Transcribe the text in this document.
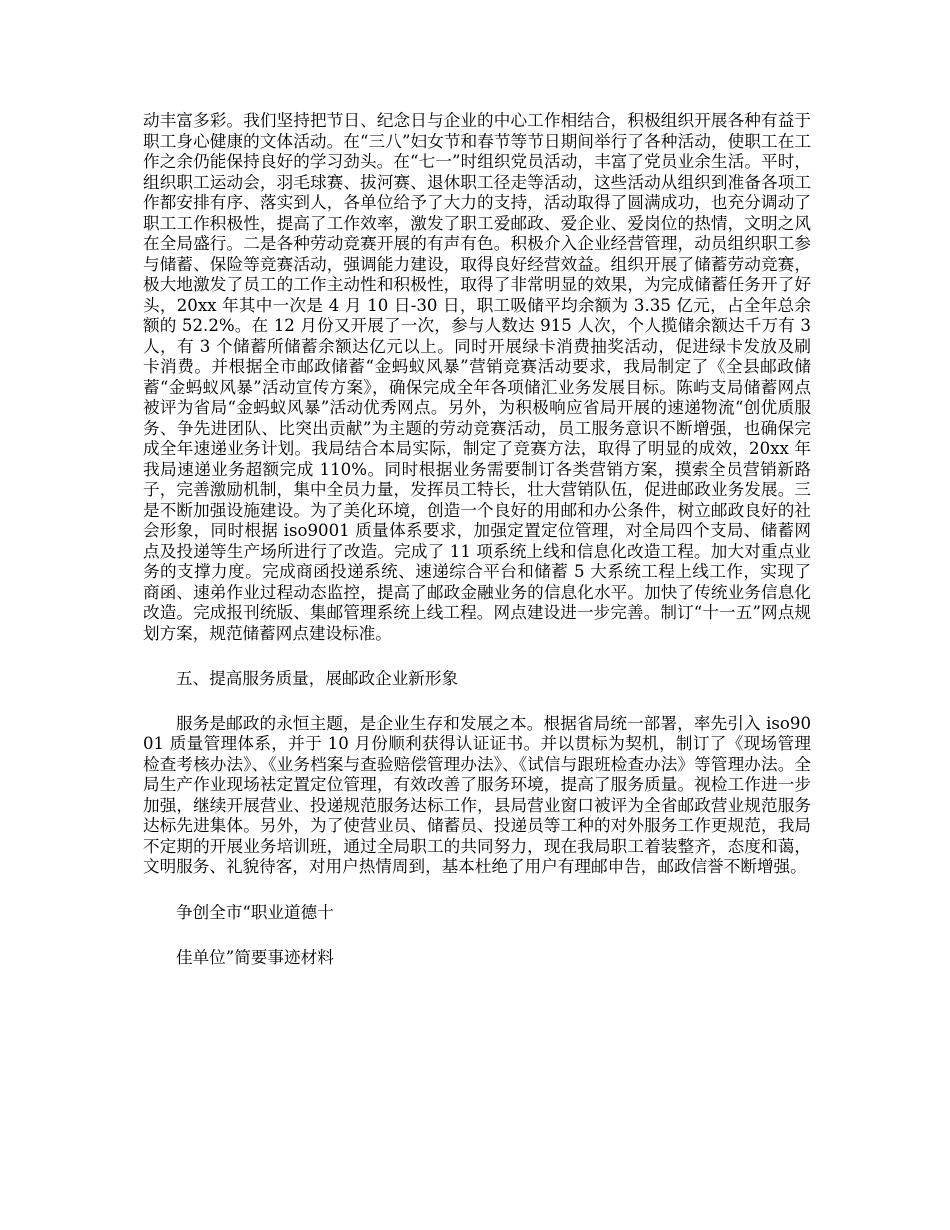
动丰富多彩。我们坚持把节日、纪念日与企业的中心工作相结合，积极组织开展各种有益于职工身心健康的文体活动。在“三八”妇女节和春节等节日期间举行了各种活动，使职工在工作之余仍能保持良好的学习劲头。在“七一”时组织党员活动，丰富了党员业余生活。平时，组织职工运动会，羽毛球赛、拔河赛、退休职工径走等活动，这些活动从组织到准备各项工作都安排有序、落实到人，各单位给予了大力的支持，活动取得了圆满成功，也充分调动了职工工作积极性，提高了工作效率，激发了职工爱邮政、爱企业、爱岗位的热情，文明之风在全局盛行。二是各种劳动竞赛开展的有声有色。积极介入企业经营管理，动员组织职工参与储蓄、保险等竞赛活动，强调能力建设，取得良好经营效益。组织开展了储蓄劳动竞赛，极大地激发了员工的工作主动性和积极性，取得了非常明显的效果，为完成储蓄任务开了好头，20xx 年其中一次是 4 月 10 日-30 日，职工吸储平均余额为 3.35 亿元，占全年总余额的 52.2%。在 12 月份又开展了一次，参与人数达 915 人次，个人揽储余额达千万有 3 人，有 3 个储蓄所储蓄余额达亿元以上。同时开展绿卡消费抽奖活动，促进绿卡发放及刷卡消费。并根据全市邮政储蓄“金蚂蚁风暴”营销竞赛活动要求，我局制定了《全县邮政储蓄“金蚂蚁风暴”活动宣传方案》，确保完成全年各项储汇业务发展目标。陈屿支局储蓄网点被评为省局“金蚂蚁风暴”活动优秀网点。另外，为积极响应省局开展的速递物流“创优质服务、争先进团队、比突出贡献”为主题的劳动竞赛活动，员工服务意识不断增强，也确保完成全年速递业务计划。我局结合本局实际，制定了竞赛方法，取得了明显的成效，20xx 年我局速递业务超额完成 110%。同时根据业务需要制订各类营销方案，摸索全员营销新路子，完善激励机制，集中全员力量，发挥员工特长，壮大营销队伍，促进邮政业务发展。三是不断加强设施建设。为了美化环境，创造一个良好的用邮和办公条件，树立邮政良好的社会形象，同时根据 iso9001 质量体系要求，加强定置定位管理，对全局四个支局、储蓄网点及投递等生产场所进行了改造。完成了 11 项系统上线和信息化改造工程。加大对重点业务的支撑力度。完成商函投递系统、速递综合平台和储蓄 5 大系统工程上线工作，实现了商函、速弟作业过程动态监控，提高了邮政金融业务的信息化水平。加快了传统业务信息化改造。完成报刊统版、集邮管理系统上线工程。网点建设进一步完善。制订“十一五”网点规划方案，规范储蓄网点建设标准。

五、提高服务质量，展邮政企业新形象

服务是邮政的永恒主题，是企业生存和发展之本。根据省局统一部署，率先引入 iso9001 质量管理体系，并于 10 月份顺利获得认证证书。并以贯标为契机，制订了《现场管理检查考核办法》、《业务档案与查验赔偿管理办法》、《试信与跟班检查办法》等管理办法。全局生产作业现场袪定置定位管理，有效改善了服务环境，提高了服务质量。视检工作进一步加强，继续开展营业、投递规范服务达标工作，县局营业窗口被评为全省邮政营业规范服务达标先进集体。另外，为了使营业员、储蓄员、投递员等工种的对外服务工作更规范，我局不定期的开展业务培训班，通过全局职工的共同努力，现在我局职工着装整齐，态度和蔼，文明服务、礼貌待客，对用户热情周到，基本杜绝了用户有理邮申告，邮政信誉不断增强。

争创全市“职业道德十

佳单位”简要事迹材料
